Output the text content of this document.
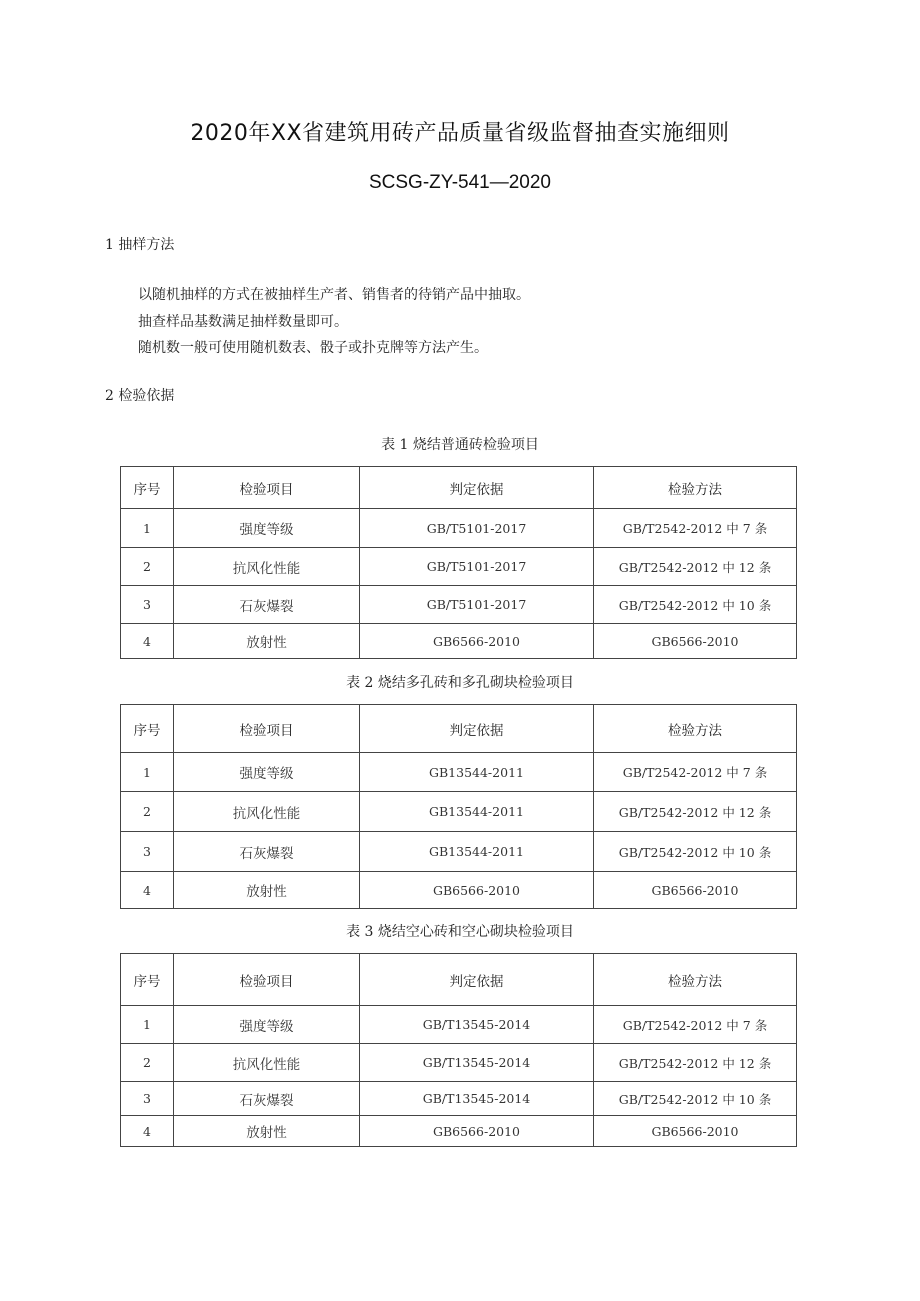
2020年XX省建筑用砖产品质量省级监督抽查实施细则
SCSG-ZY-541—2020
1 抽样方法
以随机抽样的方式在被抽样生产者、销售者的待销产品中抽取。
抽查样品基数满足抽样数量即可。
随机数一般可使用随机数表、骰子或扑克牌等方法产生。
2 检验依据
表 1 烧结普通砖检验项目
序号	检验项目	判定依据	检验方法
1	强度等级	GB/T5101-2017	GB/T2542-2012 中 7 条
2	抗风化性能	GB/T5101-2017	GB/T2542-2012 中 12 条
3	石灰爆裂	GB/T5101-2017	GB/T2542-2012 中 10 条
4	放射性	GB6566-2010	GB6566-2010
表 2 烧结多孔砖和多孔砌块检验项目
序号	检验项目	判定依据	检验方法
1	强度等级	GB13544-2011	GB/T2542-2012 中 7 条
2	抗风化性能	GB13544-2011	GB/T2542-2012 中 12 条
3	石灰爆裂	GB13544-2011	GB/T2542-2012 中 10 条
4	放射性	GB6566-2010	GB6566-2010
表 3 烧结空心砖和空心砌块检验项目
序号	检验项目	判定依据	检验方法
1	强度等级	GB/T13545-2014	GB/T2542-2012 中 7 条
2	抗风化性能	GB/T13545-2014	GB/T2542-2012 中 12 条
3	石灰爆裂	GB/T13545-2014	GB/T2542-2012 中 10 条
4	放射性	GB6566-2010	GB6566-2010
